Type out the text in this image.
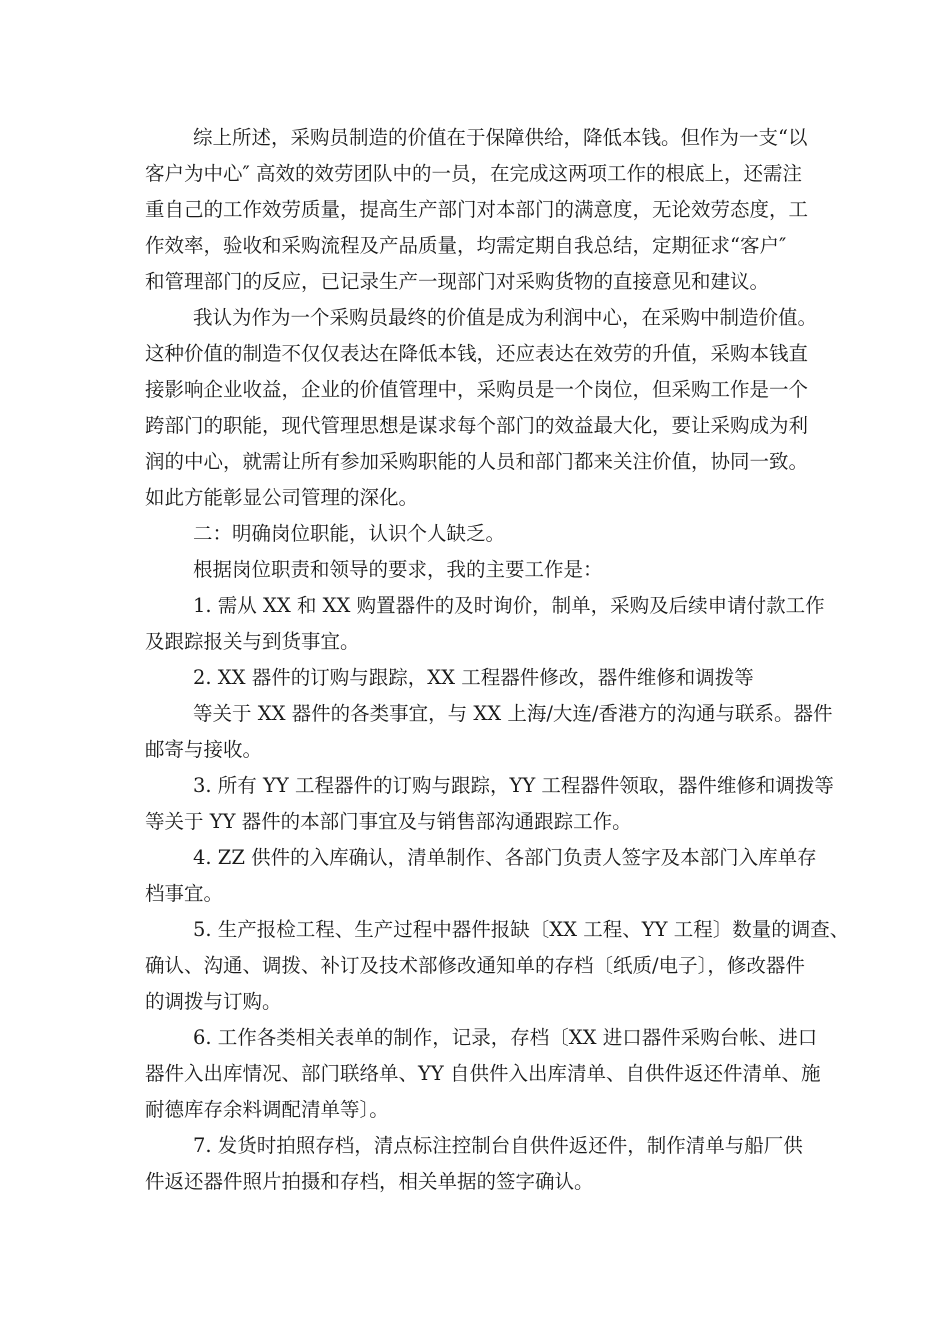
综上所述，采购员制造的价值在于保障供给，降低本钱。但作为一支“以
客户为中心″ 高效的效劳团队中的一员，在完成这两项工作的根底上，还需注
重自己的工作效劳质量，提高生产部门对本部门的满意度，无论效劳态度，工
作效率，验收和采购流程及产品质量，均需定期自我总结，定期征求“客户″
和管理部门的反应，已记录生产一现部门对采购货物的直接意见和建议。

我认为作为一个采购员最终的价值是成为利润中心，在采购中制造价值。
这种价值的制造不仅仅表达在降低本钱，还应表达在效劳的升值，采购本钱直
接影响企业收益，企业的价值管理中，采购员是一个岗位，但采购工作是一个
跨部门的职能，现代管理思想是谋求每个部门的效益最大化，要让采购成为利
润的中心，就需让所有参加采购职能的人员和部门都来关注价值，协同一致。
如此方能彰显公司管理的深化。

二：明确岗位职能，认识个人缺乏。

根据岗位职责和领导的要求，我的主要工作是：

1. 需从 XX 和 XX 购置器件的及时询价，制单，采购及后续申请付款工作
及跟踪报关与到货事宜。

2. XX 器件的订购与跟踪，XX 工程器件修改，器件维修和调拨等

等关于 XX 器件的各类事宜，与 XX 上海/大连/香港方的沟通与联系。器件
邮寄与接收。

3. 所有 YY 工程器件的订购与跟踪，YY 工程器件领取，器件维修和调拨等
等关于 YY 器件的本部门事宜及与销售部沟通跟踪工作。

4. ZZ 供件的入库确认，清单制作、各部门负责人签字及本部门入库单存
档事宜。

5. 生产报检工程、生产过程中器件报缺〔XX 工程、YY 工程〕数量的调查、
确认、沟通、调拨、补订及技术部修改通知单的存档〔纸质/电子〕，修改器件
的调拨与订购。

6. 工作各类相关表单的制作，记录，存档〔XX 进口器件采购台帐、进口
器件入出库情况、部门联络单、YY 自供件入出库清单、自供件返还件清单、施
耐德库存余料调配清单等〕。

7. 发货时拍照存档，清点标注控制台自供件返还件，制作清单与船厂供
件返还器件照片拍摄和存档，相关单据的签字确认。
